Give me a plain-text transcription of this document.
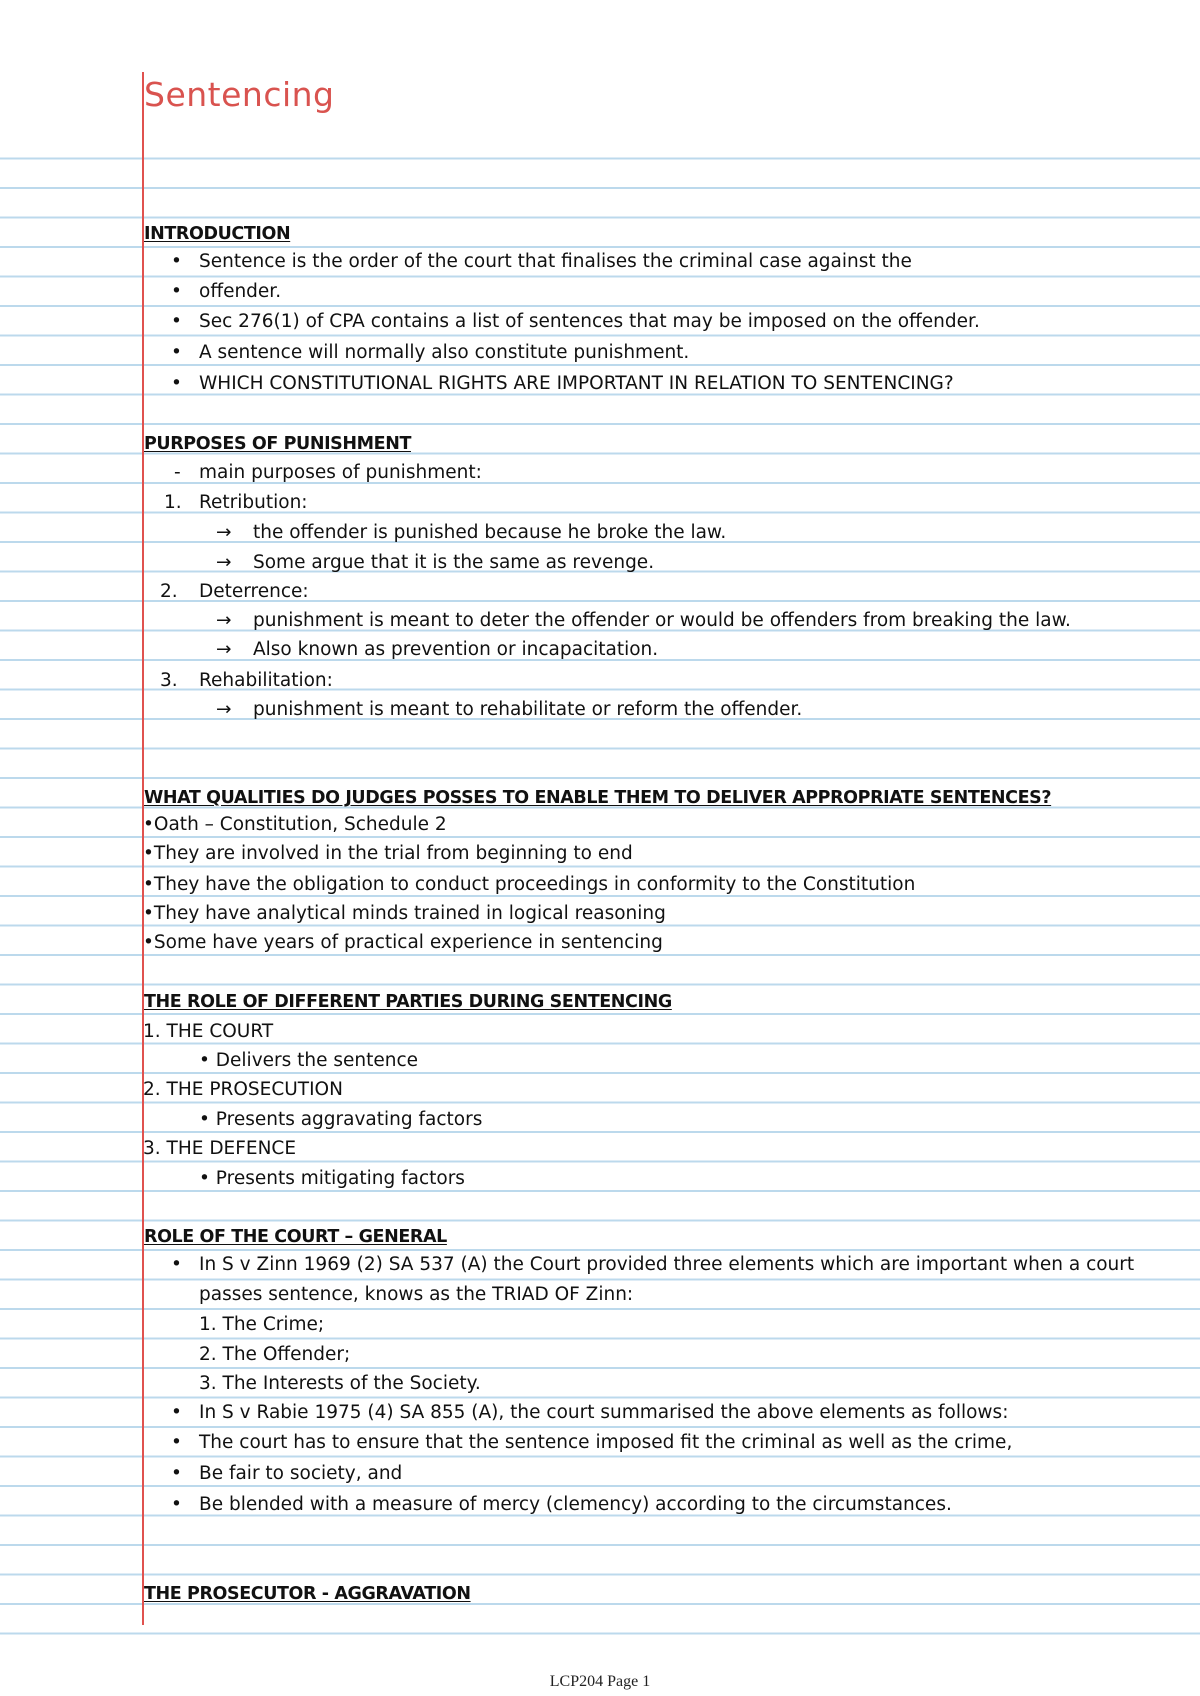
Sentencing
INTRODUCTION
• Sentence is the order of the court that finalises the criminal case against the
• offender.
• Sec 276(1) of CPA contains a list of sentences that may be imposed on the offender.
• A sentence will normally also constitute punishment.
• WHICH CONSTITUTIONAL RIGHTS ARE IMPORTANT IN RELATION TO SENTENCING?
PURPOSES OF PUNISHMENT
- main purposes of punishment:
1. Retribution:
→ the offender is punished because he broke the law.
→ Some argue that it is the same as revenge.
2. Deterrence:
→ punishment is meant to deter the offender or would be offenders from breaking the law.
→ Also known as prevention or incapacitation.
3. Rehabilitation:
→ punishment is meant to rehabilitate or reform the offender.
WHAT QUALITIES DO JUDGES POSSES TO ENABLE THEM TO DELIVER APPROPRIATE SENTENCES?
•Oath – Constitution, Schedule 2
•They are involved in the trial from beginning to end
•They have the obligation to conduct proceedings in conformity to the Constitution
•They have analytical minds trained in logical reasoning
•Some have years of practical experience in sentencing
THE ROLE OF DIFFERENT PARTIES DURING SENTENCING
1. THE COURT
• Delivers the sentence
2. THE PROSECUTION
• Presents aggravating factors
3. THE DEFENCE
• Presents mitigating factors
ROLE OF THE COURT – GENERAL
• In S v Zinn 1969 (2) SA 537 (A) the Court provided three elements which are important when a court
passes sentence, knows as the TRIAD OF Zinn:
1. The Crime;
2. The Offender;
3. The Interests of the Society.
• In S v Rabie 1975 (4) SA 855 (A), the court summarised the above elements as follows:
• The court has to ensure that the sentence imposed fit the criminal as well as the crime,
• Be fair to society, and
• Be blended with a measure of mercy (clemency) according to the circumstances.
THE PROSECUTOR - AGGRAVATION
LCP204 Page 1
